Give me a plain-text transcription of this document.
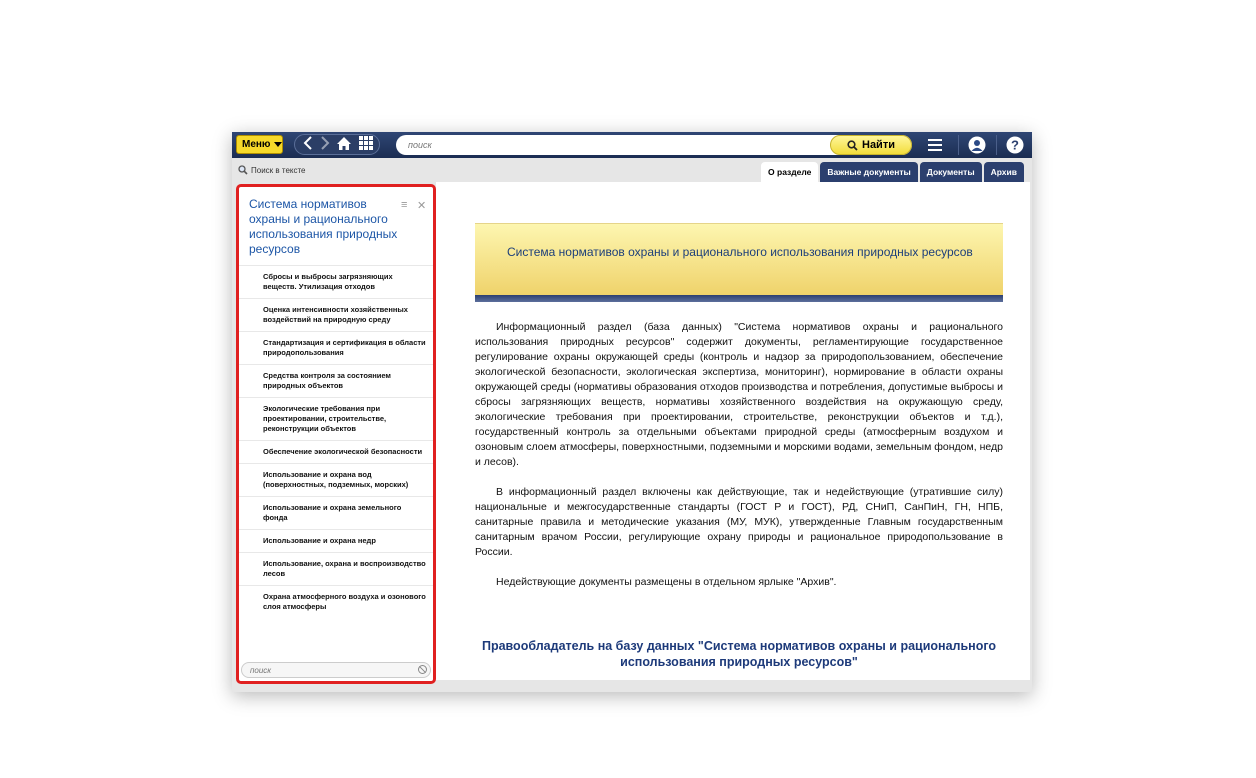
Меню
поиск	Найти	?
Поиск в тексте	О разделе	Важные документы	Документы	Архив
Система нормативов охраны и рационального использования природных ресурсов
≡ ✕
Сбросы и выбросы загрязняющих веществ. Утилизация отходов
Оценка интенсивности хозяйственных воздействий на природную среду
Стандартизация и сертификация в области природопользования
Средства контроля за состоянием природных объектов
Экологические требования при проектировании, строительстве, реконструкции объектов
Обеспечение экологической безопасности
Использование и охрана вод (поверхностных, подземных, морских)
Использование и охрана земельного фонда
Использование и охрана недр
Использование, охрана и воспроизводство лесов
Охрана атмосферного воздуха и озонового слоя атмосферы
поиск
Система нормативов охраны и рационального использования природных ресурсов

Информационный раздел (база данных) "Система нормативов охраны и рационального использования природных ресурсов" содержит документы, регламентирующие государственное регулирование охраны окружающей среды (контроль и надзор за природопользованием, обеспечение экологической безопасности, экологическая экспертиза, мониторинг), нормирование в области охраны окружающей среды (нормативы образования отходов производства и потребления, допустимые выбросы и сбросы загрязняющих веществ, нормативы хозяйственного воздействия на окружающую среду, экологические требования при проектировании, строительстве, реконструкции объектов и т.д.), государственный контроль за отдельными объектами природной среды (атмосферным воздухом и озоновым слоем атмосферы, поверхностными, подземными и морскими водами, земельным фондом, недр и лесов).

В информационный раздел включены как действующие, так и недействующие (утратившие силу) национальные и межгосударственные стандарты (ГОСТ Р и ГОСТ), РД, СНиП, СанПиН, ГН, НПБ, санитарные правила и методические указания (МУ, МУК), утвержденные Главным государственным санитарным врачом России, регулирующие охрану природы и рациональное природопользование в России.

Недействующие документы размещены в отдельном ярлыке "Архив".

Правообладатель на базу данных "Система нормативов охраны и рационального использования природных ресурсов"
